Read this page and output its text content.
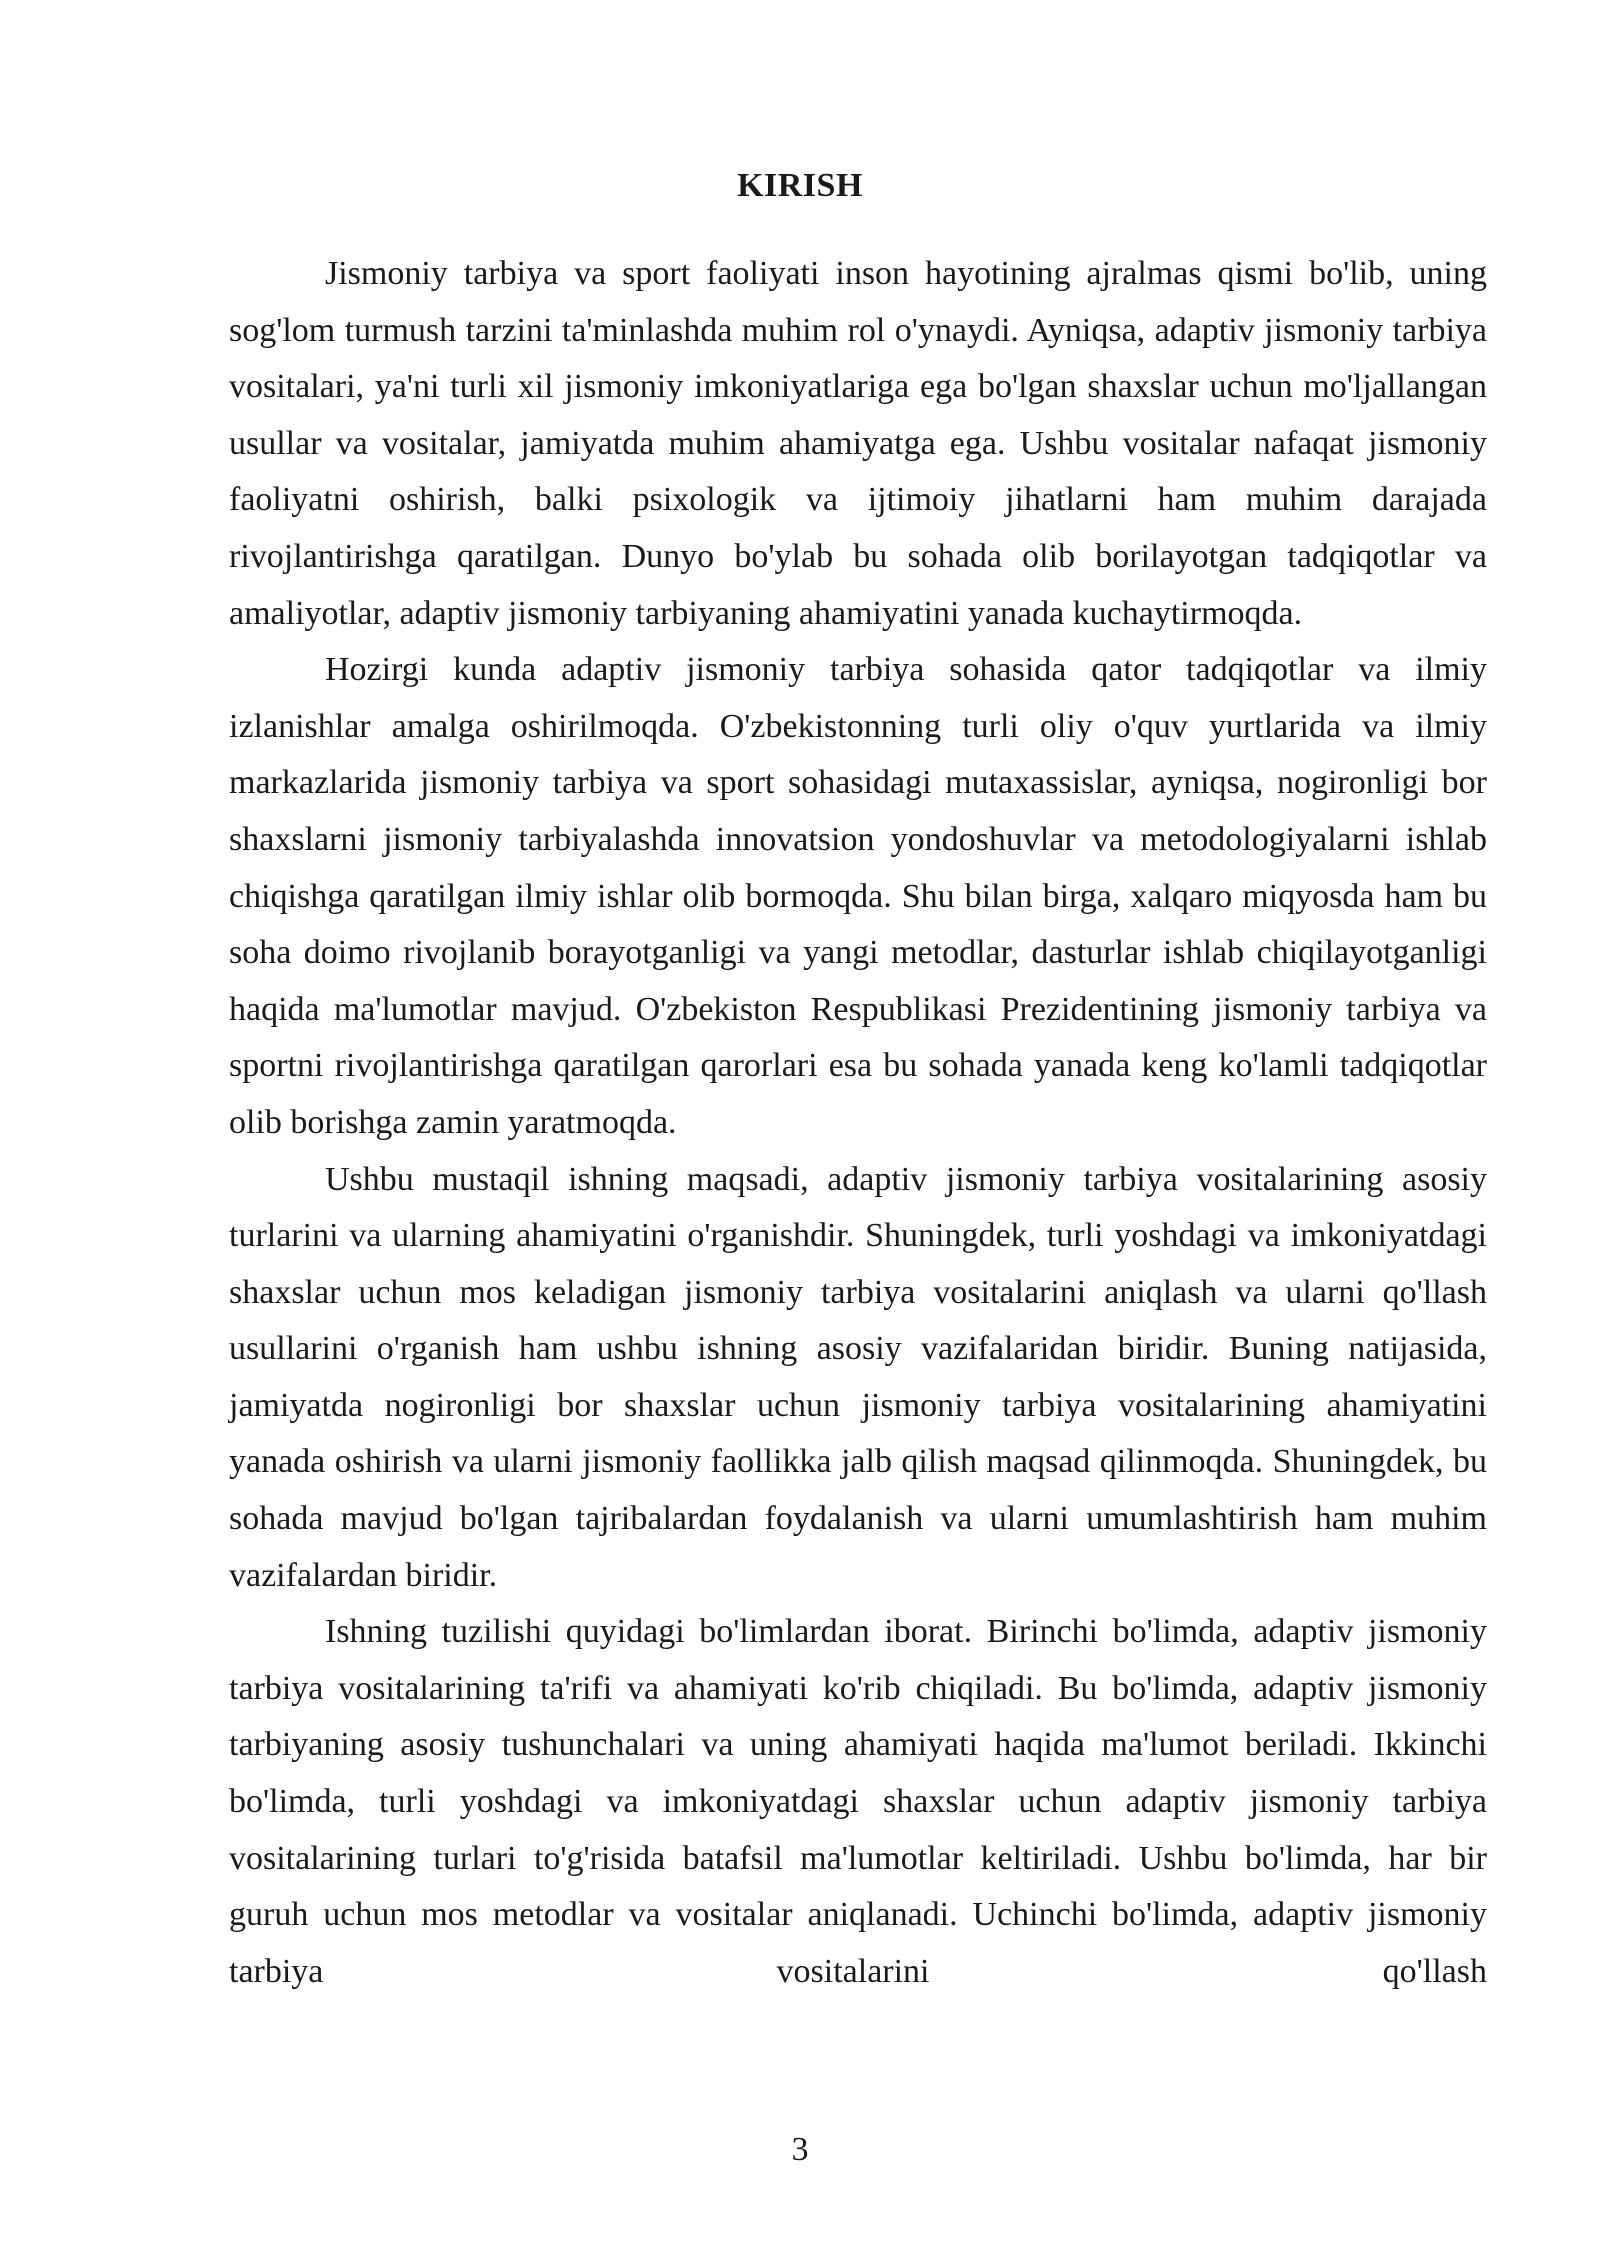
KIRISH

Jismoniy tarbiya va sport faoliyati inson hayotining ajralmas qismi bo'lib, uning sog'lom turmush tarzini ta'minlashda muhim rol o'ynaydi. Ayniqsa, adaptiv jismoniy tarbiya vositalari, ya'ni turli xil jismoniy imkoniyatlariga ega bo'lgan shaxslar uchun mo'ljallangan usullar va vositalar, jamiyatda muhim ahamiyatga ega. Ushbu vositalar nafaqat jismoniy faoliyatni oshirish, balki psixologik va ijtimoiy jihatlarni ham muhim darajada rivojlantirishga qaratilgan. Dunyo bo'ylab bu sohada olib borilayotgan tadqiqotlar va amaliyotlar, adaptiv jismoniy tarbiyaning ahamiyatini yanada kuchaytirmoqda.

Hozirgi kunda adaptiv jismoniy tarbiya sohasida qator tadqiqotlar va ilmiy izlanishlar amalga oshirilmoqda. O'zbekistonning turli oliy o'quv yurtlarida va ilmiy markazlarida jismoniy tarbiya va sport sohasidagi mutaxassislar, ayniqsa, nogironligi bor shaxslarni jismoniy tarbiyalashda innovatsion yondoshuvlar va metodologiyalarni ishlab chiqishga qaratilgan ilmiy ishlar olib bormoqda. Shu bilan birga, xalqaro miqyosda ham bu soha doimo rivojlanib borayotganligi va yangi metodlar, dasturlar ishlab chiqilayotganligi haqida ma'lumotlar mavjud. O'zbekiston Respublikasi Prezidentining jismoniy tarbiya va sportni rivojlantirishga qaratilgan qarorlari esa bu sohada yanada keng ko'lamli tadqiqotlar olib borishga zamin yaratmoqda.

Ushbu mustaqil ishning maqsadi, adaptiv jismoniy tarbiya vositalarining asosiy turlarini va ularning ahamiyatini o'rganishdir. Shuningdek, turli yoshdagi va imkoniyatdagi shaxslar uchun mos keladigan jismoniy tarbiya vositalarini aniqlash va ularni qo'llash usullarini o'rganish ham ushbu ishning asosiy vazifalaridan biridir. Buning natijasida, jamiyatda nogironligi bor shaxslar uchun jismoniy tarbiya vositalarining ahamiyatini yanada oshirish va ularni jismoniy faollikka jalb qilish maqsad qilinmoqda. Shuningdek, bu sohada mavjud bo'lgan tajribalardan foydalanish va ularni umumlashtirish ham muhim vazifalardan biridir.

Ishning tuzilishi quyidagi bo'limlardan iborat. Birinchi bo'limda, adaptiv jismoniy tarbiya vositalarining ta'rifi va ahamiyati ko'rib chiqiladi. Bu bo'limda, adaptiv jismoniy tarbiyaning asosiy tushunchalari va uning ahamiyati haqida ma'lumot beriladi. Ikkinchi bo'limda, turli yoshdagi va imkoniyatdagi shaxslar uchun adaptiv jismoniy tarbiya vositalarining turlari to'g'risida batafsil ma'lumotlar keltiriladi. Ushbu bo'limda, har bir guruh uchun mos metodlar va vositalar aniqlanadi. Uchinchi bo'limda, adaptiv jismoniy tarbiya vositalarini qo'llash

3
